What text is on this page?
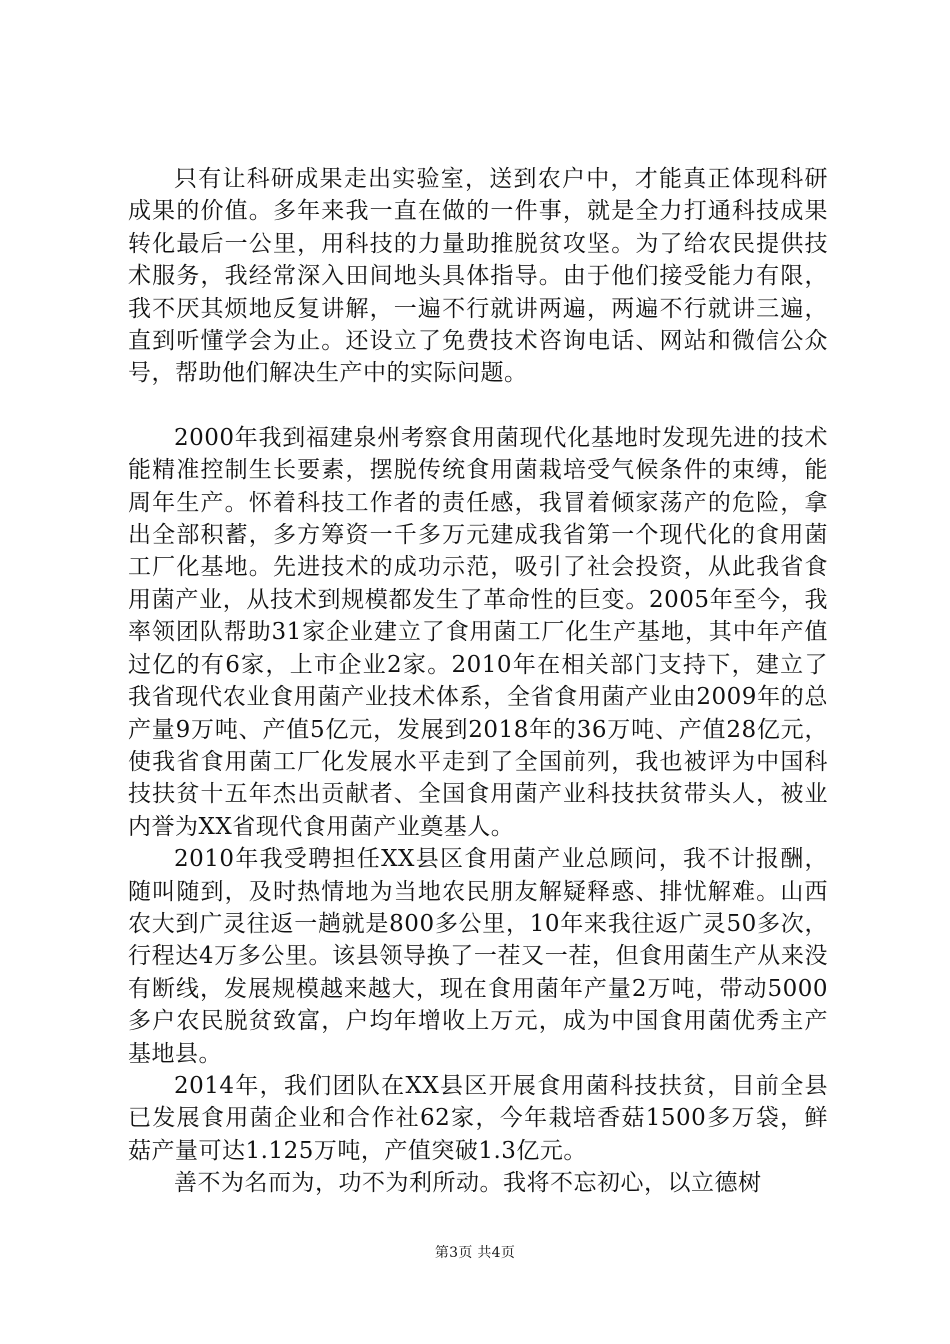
只有让科研成果走出实验室，送到农户中，才能真正体现科研成果的价值。多年来我一直在做的一件事，就是全力打通科技成果转化最后一公里，用科技的力量助推脱贫攻坚。为了给农民提供技术服务，我经常深入田间地头具体指导。由于他们接受能力有限，我不厌其烦地反复讲解，一遍不行就讲两遍，两遍不行就讲三遍，直到听懂学会为止。还设立了免费技术咨询电话、网站和微信公众号，帮助他们解决生产中的实际问题。

2000年我到福建泉州考察食用菌现代化基地时发现先进的技术能精准控制生长要素，摆脱传统食用菌栽培受气候条件的束缚，能周年生产。怀着科技工作者的责任感，我冒着倾家荡产的危险，拿出全部积蓄，多方筹资一千多万元建成我省第一个现代化的食用菌工厂化基地。先进技术的成功示范，吸引了社会投资，从此我省食用菌产业，从技术到规模都发生了革命性的巨变。2005年至今，我率领团队帮助31家企业建立了食用菌工厂化生产基地，其中年产值过亿的有6家，上市企业2家。2010年在相关部门支持下，建立了我省现代农业食用菌产业技术体系，全省食用菌产业由2009年的总产量9万吨、产值5亿元，发展到2018年的36万吨、产值28亿元，使我省食用菌工厂化发展水平走到了全国前列，我也被评为中国科技扶贫十五年杰出贡献者、全国食用菌产业科技扶贫带头人，被业内誉为XX省现代食用菌产业奠基人。

2010年我受聘担任XX县区食用菌产业总顾问，我不计报酬，随叫随到，及时热情地为当地农民朋友解疑释惑、排忧解难。山西农大到广灵往返一趟就是800多公里，10年来我往返广灵50多次，行程达4万多公里。该县领导换了一茬又一茬，但食用菌生产从来没有断线，发展规模越来越大，现在食用菌年产量2万吨，带动5000多户农民脱贫致富，户均年增收上万元，成为中国食用菌优秀主产基地县。

2014年，我们团队在XX县区开展食用菌科技扶贫，目前全县已发展食用菌企业和合作社62家，今年栽培香菇1500多万袋，鲜菇产量可达1.125万吨，产值突破1.3亿元。

善不为名而为，功不为利所动。我将不忘初心，以立德树

第3页 共4页
